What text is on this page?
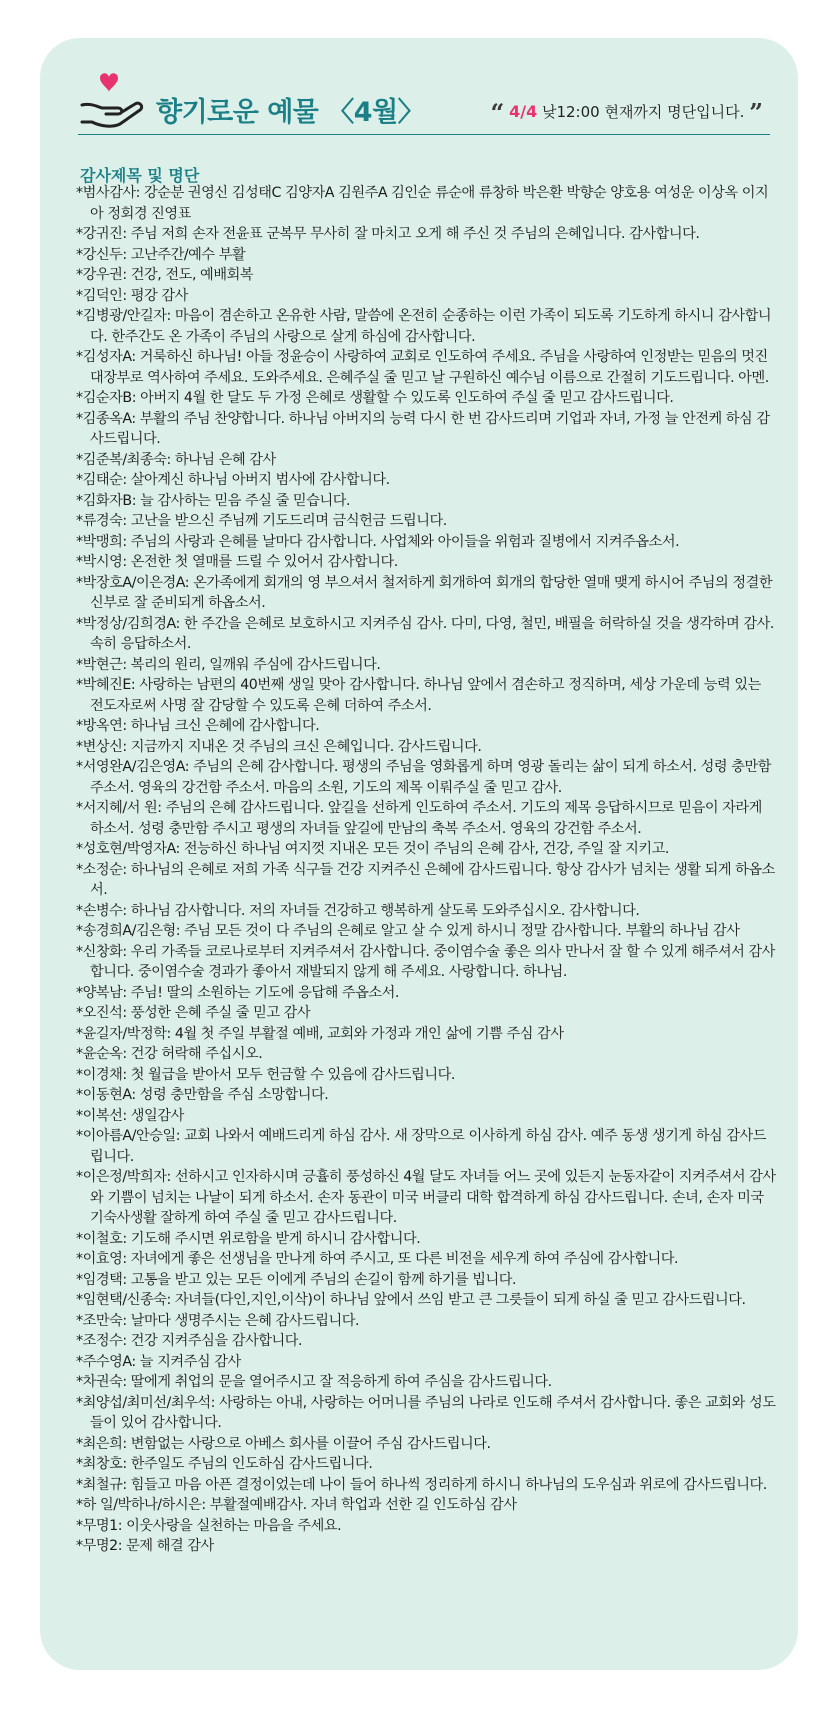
향기로운 예물 〈4월〉	“ 4/4 낮12:00 현재까지 명단입니다. ”
감사제목 및 명단
*범사감사: 강순분 권영신 김성태C 김양자A 김원주A 김인순 류순애 류창하 박은환 박향순 양호용 여성운 이상옥 이지아 정회경 진영표
*강귀진: 주님 저희 손자 전윤표 군복무 무사히 잘 마치고 오게 해 주신 것 주님의 은혜입니다. 감사합니다.
*강신두: 고난주간/예수 부활
*강우권: 건강, 전도, 예배회복
*김덕인: 평강 감사
*김병광/안길자: 마음이 겸손하고 온유한 사람, 말씀에 온전히 순종하는 이런 가족이 되도록 기도하게 하시니 감사합니다. 한주간도 온 가족이 주님의 사랑으로 살게 하심에 감사합니다.
*김성자A: 거룩하신 하나님! 아들 정윤승이 사랑하여 교회로 인도하여 주세요. 주님을 사랑하여 인정받는 믿음의 멋진 대장부로 역사하여 주세요. 도와주세요. 은혜주실 줄 믿고 날 구원하신 예수님 이름으로 간절히 기도드립니다. 아멘.
*김순자B: 아버지 4월 한 달도 두 가정 은혜로 생활할 수 있도록 인도하여 주실 줄 믿고 감사드립니다.
*김종옥A: 부활의 주님 찬양합니다. 하나님 아버지의 능력 다시 한 번 감사드리며 기업과 자녀, 가정 늘 안전케 하심 감사드립니다.
*김준복/최종숙: 하나님 은혜 감사
*김태순: 살아계신 하나님 아버지 범사에 감사합니다.
*김화자B: 늘 감사하는 믿음 주실 줄 믿습니다.
*류경숙: 고난을 받으신 주님께 기도드리며 금식헌금 드립니다.
*박맹희: 주님의 사랑과 은혜를 날마다 감사합니다. 사업체와 아이들을 위험과 질병에서 지켜주옵소서.
*박시영: 온전한 첫 열매를 드릴 수 있어서 감사합니다.
*박장호A/이은경A: 온가족에게 회개의 영 부으셔서 철저하게 회개하여 회개의 합당한 열매 맺게 하시어 주님의 정결한 신부로 잘 준비되게 하옵소서.
*박정상/김희경A: 한 주간을 은혜로 보호하시고 지켜주심 감사. 다미, 다영, 철민, 배필을 허락하실 것을 생각하며 감사. 속히 응답하소서.
*박현근: 복리의 원리, 일깨워 주심에 감사드립니다.
*박혜진E: 사랑하는 남편의 40번째 생일 맞아 감사합니다. 하나님 앞에서 겸손하고 정직하며, 세상 가운데 능력 있는 전도자로써 사명 잘 감당할 수 있도록 은혜 더하여 주소서.
*방옥연: 하나님 크신 은혜에 감사합니다.
*변상신: 지금까지 지내온 것 주님의 크신 은혜입니다. 감사드립니다.
*서영완A/김은영A: 주님의 은혜 감사합니다. 평생의 주님을 영화롭게 하며 영광 돌리는 삶이 되게 하소서. 성령 충만함 주소서. 영육의 강건함 주소서. 마음의 소원, 기도의 제목 이뤄주실 줄 믿고 감사.
*서지혜/서 원: 주님의 은혜 감사드립니다. 앞길을 선하게 인도하여 주소서. 기도의 제목 응답하시므로 믿음이 자라게 하소서. 성령 충만함 주시고 평생의 자녀들 앞길에 만남의 축복 주소서. 영육의 강건함 주소서.
*성호현/박영자A: 전능하신 하나님 여지껏 지내온 모든 것이 주님의 은혜 감사, 건강, 주일 잘 지키고.
*소정순: 하나님의 은혜로 저희 가족 식구들 건강 지켜주신 은혜에 감사드립니다. 항상 감사가 넘치는 생활 되게 하옵소서.
*손병수: 하나님 감사합니다. 저의 자녀들 건강하고 행복하게 살도록 도와주십시오. 감사합니다.
*송경희A/김은형: 주님 모든 것이 다 주님의 은혜로 알고 살 수 있게 하시니 정말 감사합니다. 부활의 하나님 감사
*신창화: 우리 가족들 코로나로부터 지켜주셔서 감사합니다. 중이염수술 좋은 의사 만나서 잘 할 수 있게 해주셔서 감사합니다. 중이염수술 경과가 좋아서 재발되지 않게 해 주세요. 사랑합니다. 하나님.
*양복남: 주님! 딸의 소원하는 기도에 응답해 주옵소서.
*오진석: 풍성한 은혜 주실 줄 믿고 감사
*윤길자/박정학: 4월 첫 주일 부활절 예배, 교회와 가정과 개인 삶에 기쁨 주심 감사
*윤순옥: 건강 허락해 주십시오.
*이경채: 첫 월급을 받아서 모두 헌금할 수 있음에 감사드립니다.
*이동현A: 성령 충만함을 주심 소망합니다.
*이복선: 생일감사
*이아름A/안승일: 교회 나와서 예배드리게 하심 감사. 새 장막으로 이사하게 하심 감사. 예주 동생 생기게 하심 감사드립니다.
*이은정/박희자: 선하시고 인자하시며 긍휼히 풍성하신 4월 달도 자녀들 어느 곳에 있든지 눈동자같이 지켜주셔서 감사와 기쁨이 넘치는 나날이 되게 하소서. 손자 동관이 미국 버클리 대학 합격하게 하심 감사드립니다. 손녀, 손자 미국 기숙사생활 잘하게 하여 주실 줄 믿고 감사드립니다.
*이철호: 기도해 주시면 위로함을 받게 하시니 감사합니다.
*이효영: 자녀에게 좋은 선생님을 만나게 하여 주시고, 또 다른 비전을 세우게 하여 주심에 감사합니다.
*임경택: 고통을 받고 있는 모든 이에게 주님의 손길이 함께 하기를 빕니다.
*임현택/신종숙: 자녀들(다인,지인,이삭)이 하나님 앞에서 쓰임 받고 큰 그릇들이 되게 하실 줄 믿고 감사드립니다.
*조만숙: 날마다 생명주시는 은혜 감사드립니다.
*조정수: 건강 지켜주심을 감사합니다.
*주수영A: 늘 지켜주심 감사
*차권숙: 딸에게 취업의 문을 열어주시고 잘 적응하게 하여 주심을 감사드립니다.
*최양섭/최미선/최우석: 사랑하는 아내, 사랑하는 어머니를 주님의 나라로 인도해 주셔서 감사합니다. 좋은 교회와 성도들이 있어 감사합니다.
*최은희: 변함없는 사랑으로 아베스 회사를 이끌어 주심 감사드립니다.
*최창호: 한주일도 주님의 인도하심 감사드립니다.
*최철규: 힘들고 마음 아픈 결정이었는데 나이 들어 하나씩 정리하게 하시니 하나님의 도우심과 위로에 감사드립니다.
*하 일/박하나/하시은: 부활절예배감사. 자녀 학업과 선한 길 인도하심 감사
*무명1: 이웃사랑을 실천하는 마음을 주세요.
*무명2: 문제 해결 감사
